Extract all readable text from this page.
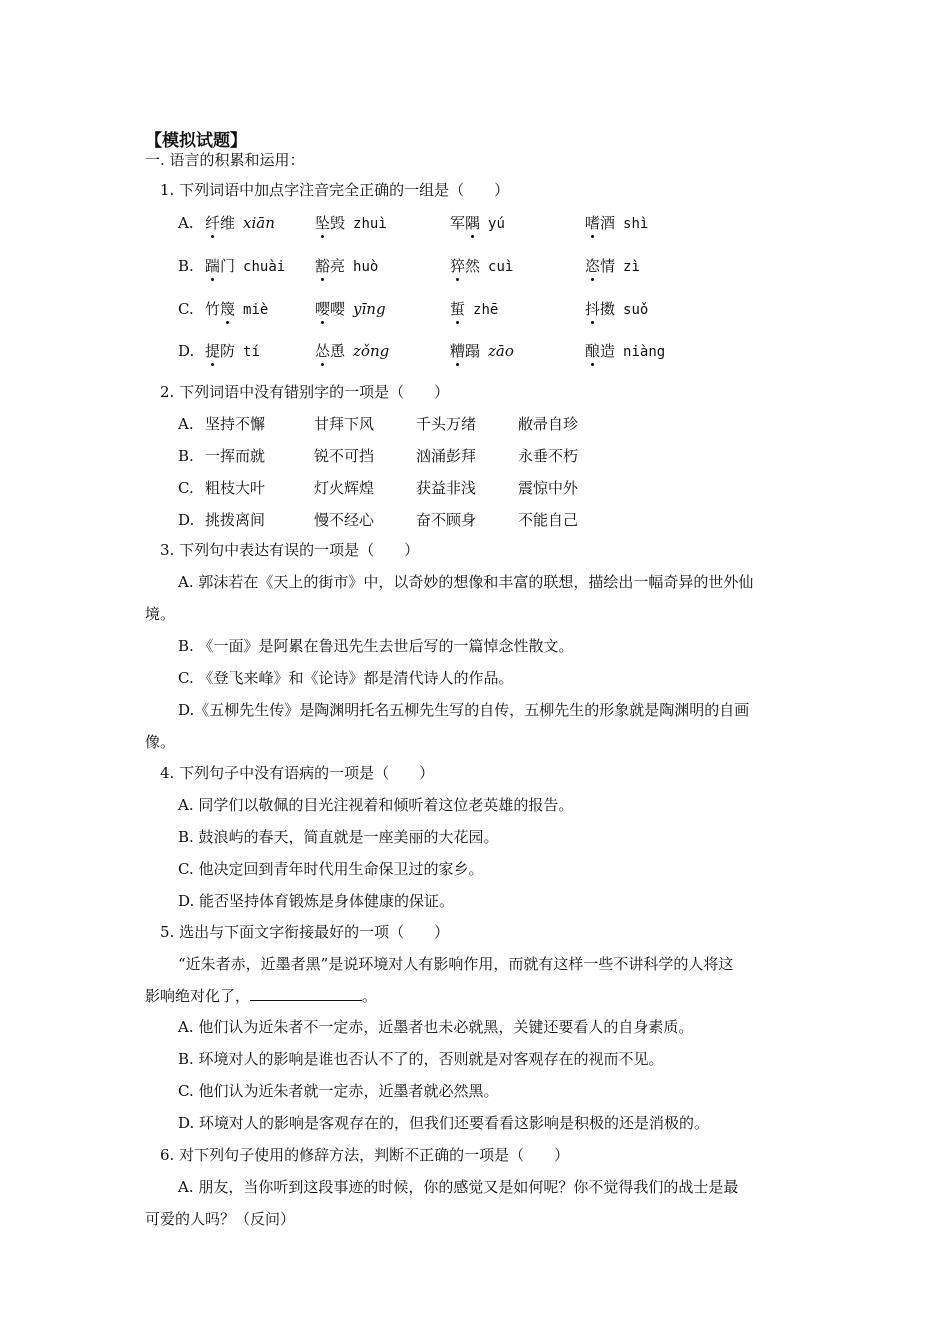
【模拟试题】
一. 语言的积累和运用：
1. 下列词语中加点字注音完全正确的一组是（　　）
A. 纤维 xiān	坠毁 zhuì	军隅 yú	嗜酒 shì
B. 踹门 chuài 豁亮 huò	猝然 cuì	恣情 zì
C. 竹篾 miè	嘤嘤 yīng	蜇 zhē	抖擞 suǒ
D. 提防 tí	怂恿 zǒng	糟蹋 zāo	酿造 niàng
2. 下列词语中没有错别字的一项是（　　）
A. 坚持不懈	甘拜下风	千头万绪	敝帚自珍
B. 一挥而就	锐不可挡	汹涌彭拜	永垂不朽
C. 粗枝大叶	灯火辉煌	获益非浅	震惊中外
D. 挑拨离间	慢不经心	奋不顾身	不能自己
3. 下列句中表达有误的一项是（　　）
A. 郭沫若在《天上的街市》中，以奇妙的想像和丰富的联想，描绘出一幅奇异的世外仙
境。
B. 《一面》是阿累在鲁迅先生去世后写的一篇悼念性散文。
C. 《登飞来峰》和《论诗》都是清代诗人的作品。
D.《五柳先生传》是陶渊明托名五柳先生写的自传，五柳先生的形象就是陶渊明的自画
像。
4. 下列句子中没有语病的一项是（　　）
A. 同学们以敬佩的目光注视着和倾听着这位老英雄的报告。
B. 鼓浪屿的春天，简直就是一座美丽的大花园。
C. 他决定回到青年时代用生命保卫过的家乡。
D. 能否坚持体育锻炼是身体健康的保证。
5. 选出与下面文字衔接最好的一项（　　）
“近朱者赤，近墨者黑”是说环境对人有影响作用，而就有这样一些不讲科学的人将这
影响绝对化了，	。
A. 他们认为近朱者不一定赤，近墨者也未必就黑，关键还要看人的自身素质。
B. 环境对人的影响是谁也否认不了的，否则就是对客观存在的视而不见。
C. 他们认为近朱者就一定赤，近墨者就必然黑。
D. 环境对人的影响是客观存在的，但我们还要看看这影响是积极的还是消极的。
6. 对下列句子使用的修辞方法，判断不正确的一项是（　　）
A. 朋友，当你听到这段事迹的时候，你的感觉又是如何呢？你不觉得我们的战士是最
可爱的人吗？（反问）
